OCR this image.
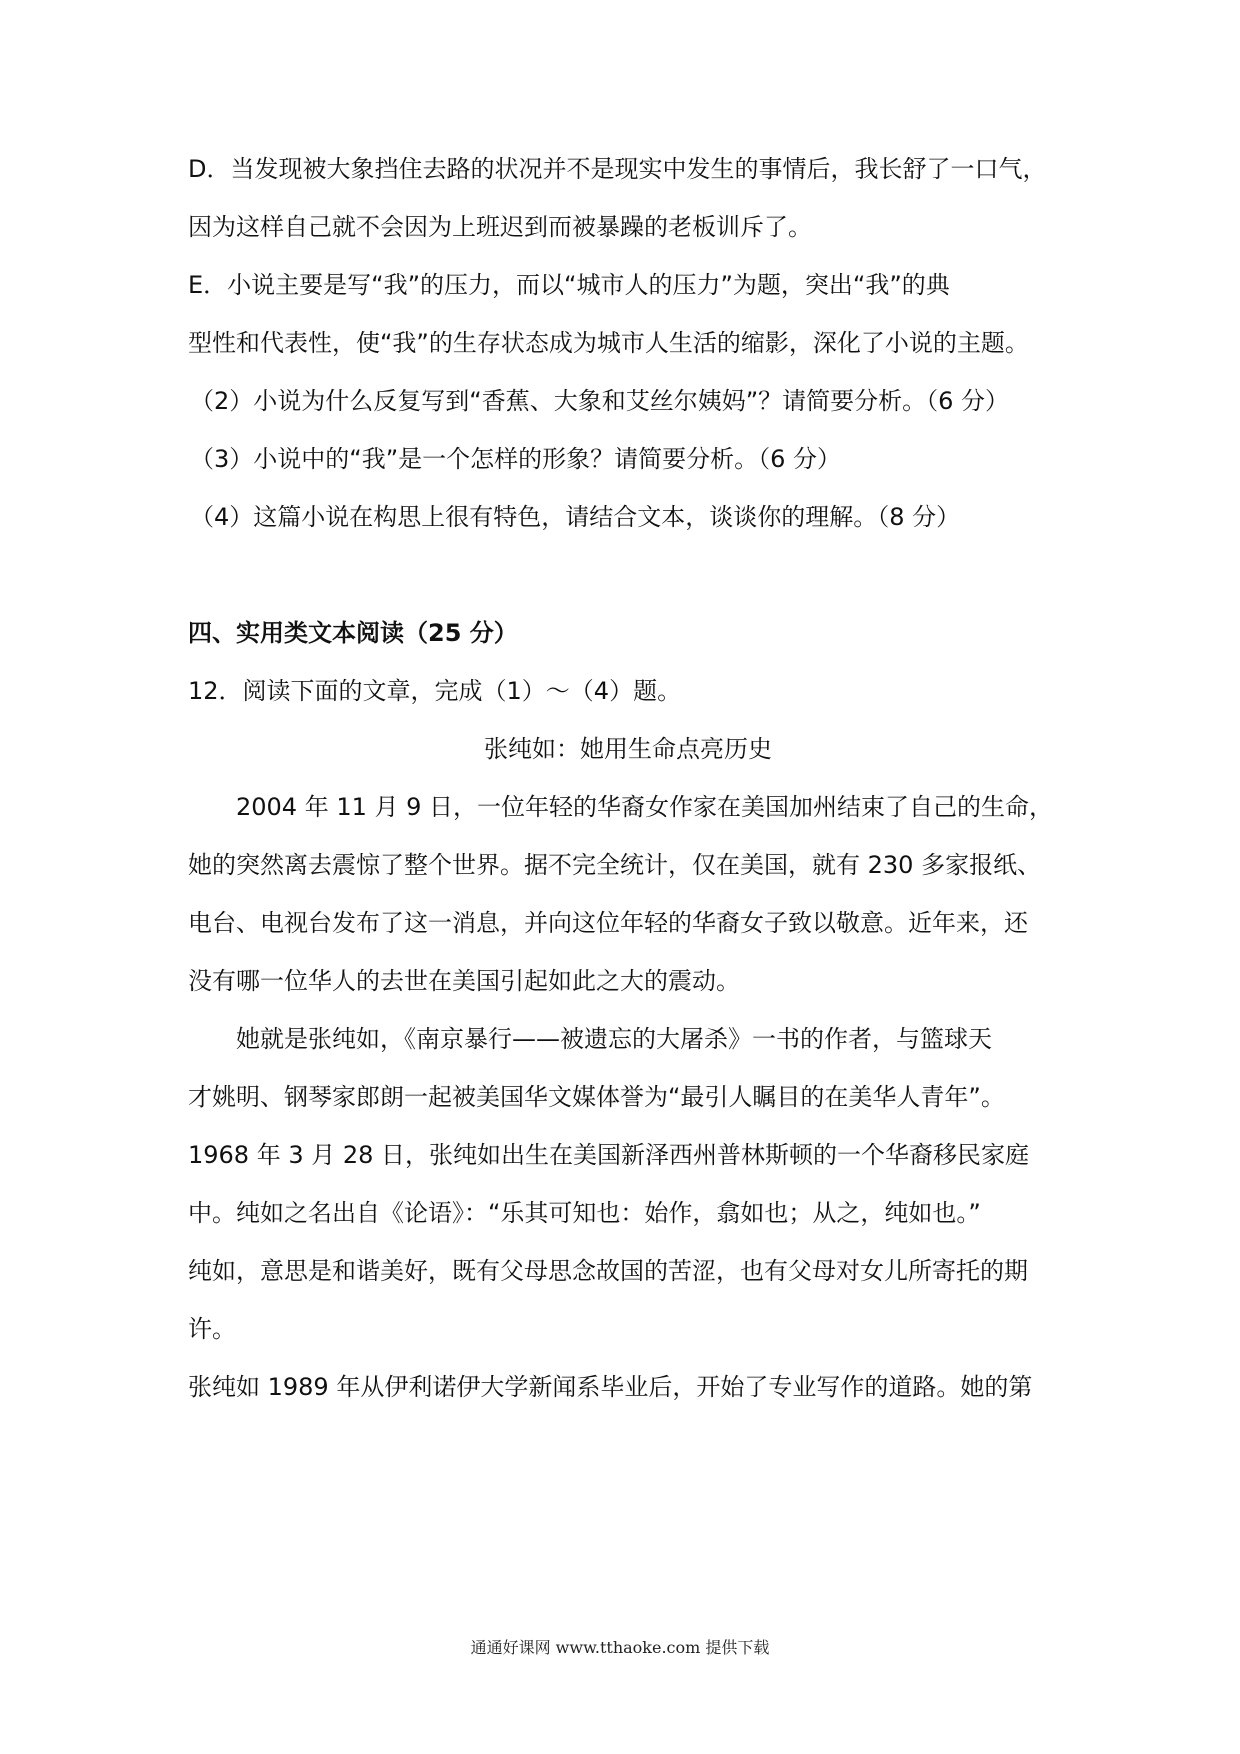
D．当发现被大象挡住去路的状况并不是现实中发生的事情后，我长舒了一口气，
因为这样自己就不会因为上班迟到而被暴躁的老板训斥了。
E．小说主要是写“我”的压力，而以“城市人的压力”为题，突出“我”的典
型性和代表性，使“我”的生存状态成为城市人生活的缩影，深化了小说的主题。
（2）小说为什么反复写到“香蕉、大象和艾丝尔姨妈”？请简要分析。（6 分）
（3）小说中的“我”是一个怎样的形象？请简要分析。（6 分）
（4）这篇小说在构思上很有特色，请结合文本，谈谈你的理解。（8 分）
四、实用类文本阅读（25 分）
12．阅读下面的文章，完成（1）～（4）题。
张纯如：她用生命点亮历史
2004 年 11 月 9 日，一位年轻的华裔女作家在美国加州结束了自己的生命，
她的突然离去震惊了整个世界。据不完全统计，仅在美国，就有 230 多家报纸、
电台、电视台发布了这一消息，并向这位年轻的华裔女子致以敬意。近年来，还
没有哪一位华人的去世在美国引起如此之大的震动。
她就是张纯如，《南京暴行——被遗忘的大屠杀》一书的作者，与篮球天
才姚明、钢琴家郎朗一起被美国华文媒体誉为“最引人瞩目的在美华人青年”。
1968 年 3 月 28 日，张纯如出生在美国新泽西州普林斯顿的一个华裔移民家庭
中。纯如之名出自《论语》：“乐其可知也：始作，翕如也；从之，纯如也。”
纯如，意思是和谐美好，既有父母思念故国的苦涩，也有父母对女儿所寄托的期
许。
张纯如 1989 年从伊利诺伊大学新闻系毕业后，开始了专业写作的道路。她的第
通通好课网 www.tthaoke.com 提供下载
